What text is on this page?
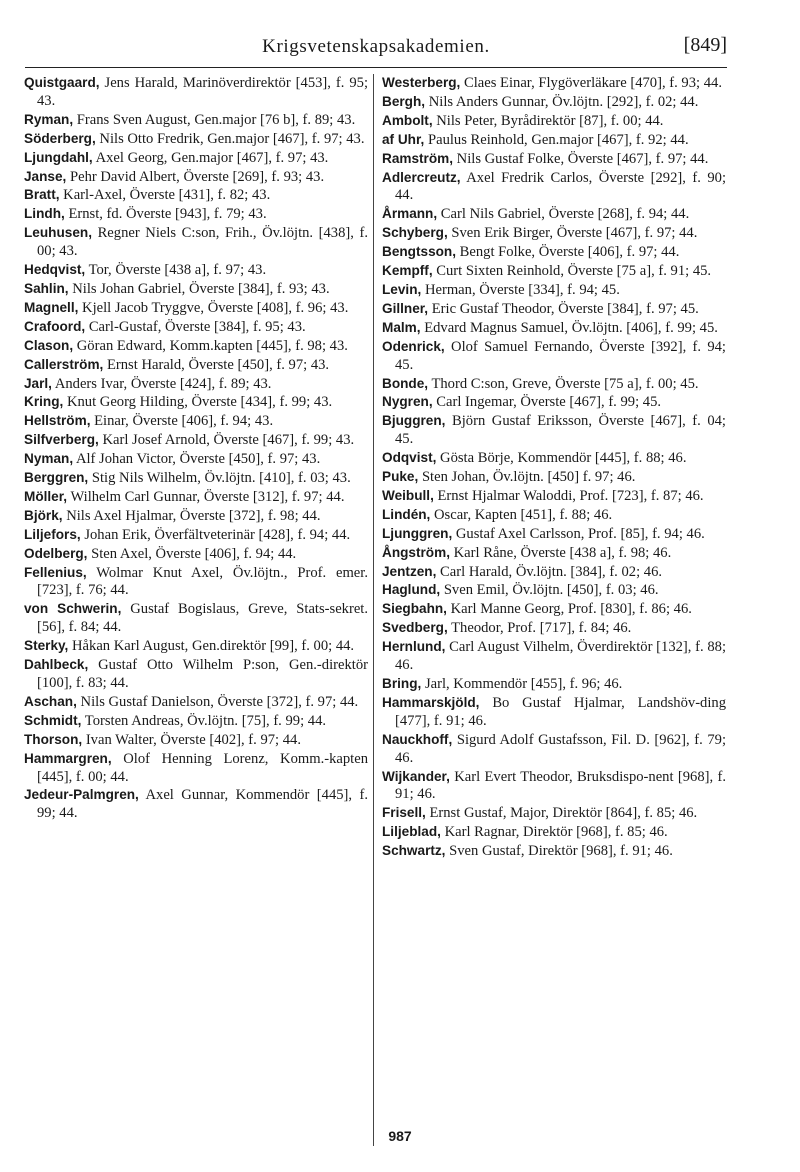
Krigsvetenskapsakademien.	[849]

Quistgaard, Jens Harald, Marinöverdirektör [453], f. 95; 43.

Ryman, Frans Sven August, Gen.major [76 b], f. 89; 43.

Söderberg, Nils Otto Fredrik, Gen.major [467], f. 97; 43.

Ljungdahl, Axel Georg, Gen.major [467], f. 97; 43.

Janse, Pehr David Albert, Överste [269], f. 93; 43.

Bratt, Karl-Axel, Överste [431], f. 82; 43.

Lindh, Ernst, fd. Överste [943], f. 79; 43.

Leuhusen, Regner Niels C:son, Frih., Öv.löjtn. [438], f. 00; 43.

Hedqvist, Tor, Överste [438 a], f. 97; 43.

Sahlin, Nils Johan Gabriel, Överste [384], f. 93; 43.

Magnell, Kjell Jacob Tryggve, Överste [408], f. 96; 43.

Crafoord, Carl-Gustaf, Överste [384], f. 95; 43.

Clason, Göran Edward, Komm.kapten [445], f. 98; 43.

Callerström, Ernst Harald, Överste [450], f. 97; 43.

Jarl, Anders Ivar, Överste [424], f. 89; 43.

Kring, Knut Georg Hilding, Överste [434], f. 99; 43.

Hellström, Einar, Överste [406], f. 94; 43.

Silfverberg, Karl Josef Arnold, Överste [467], f. 99; 43.

Nyman, Alf Johan Victor, Överste [450], f. 97; 43.

Berggren, Stig Nils Wilhelm, Öv.löjtn. [410], f. 03; 43.

Möller, Wilhelm Carl Gunnar, Överste [312], f. 97; 44.

Björk, Nils Axel Hjalmar, Överste [372], f. 98; 44.

Liljefors, Johan Erik, Överfältveterinär [428], f. 94; 44.

Odelberg, Sten Axel, Överste [406], f. 94; 44.

Fellenius, Wolmar Knut Axel, Öv.löjtn., Prof. emer. [723], f. 76; 44.

von Schwerin, Gustaf Bogislaus, Greve, Stats-sekret. [56], f. 84; 44.

Sterky, Håkan Karl August, Gen.direktör [99], f. 00; 44.

Dahlbeck, Gustaf Otto Wilhelm P:son, Gen.-direktör [100], f. 83; 44.

Aschan, Nils Gustaf Danielson, Överste [372], f. 97; 44.

Schmidt, Torsten Andreas, Öv.löjtn. [75], f. 99; 44.

Thorson, Ivan Walter, Överste [402], f. 97; 44.

Hammargren, Olof Henning Lorenz, Komm.-kapten [445], f. 00; 44.

Jedeur-Palmgren, Axel Gunnar, Kommendör [445], f. 99; 44.

Westerberg, Claes Einar, Flygöverläkare [470], f. 93; 44.

Bergh, Nils Anders Gunnar, Öv.löjtn. [292], f. 02; 44.

Ambolt, Nils Peter, Byrådirektör [87], f. 00; 44.

af Uhr, Paulus Reinhold, Gen.major [467], f. 92; 44.

Ramström, Nils Gustaf Folke, Överste [467], f. 97; 44.

Adlercreutz, Axel Fredrik Carlos, Överste [292], f. 90; 44.

Årmann, Carl Nils Gabriel, Överste [268], f. 94; 44.

Schyberg, Sven Erik Birger, Överste [467], f. 97; 44.

Bengtsson, Bengt Folke, Överste [406], f. 97; 44.

Kempff, Curt Sixten Reinhold, Överste [75 a], f. 91; 45.

Levin, Herman, Överste [334], f. 94; 45.

Gillner, Eric Gustaf Theodor, Överste [384], f. 97; 45.

Malm, Edvard Magnus Samuel, Öv.löjtn. [406], f. 99; 45.

Odenrick, Olof Samuel Fernando, Överste [392], f. 94; 45.

Bonde, Thord C:son, Greve, Överste [75 a], f. 00; 45.

Nygren, Carl Ingemar, Överste [467], f. 99; 45.

Bjuggren, Björn Gustaf Eriksson, Överste [467], f. 04; 45.

Odqvist, Gösta Börje, Kommendör [445], f. 88; 46.

Puke, Sten Johan, Öv.löjtn. [450] f. 97; 46.

Weibull, Ernst Hjalmar Waloddi, Prof. [723], f. 87; 46.

Lindén, Oscar, Kapten [451], f. 88; 46.

Ljunggren, Gustaf Axel Carlsson, Prof. [85], f. 94; 46.

Ångström, Karl Råne, Överste [438 a], f. 98; 46.

Jentzen, Carl Harald, Öv.löjtn. [384], f. 02; 46.

Haglund, Sven Emil, Öv.löjtn. [450], f. 03; 46.

Siegbahn, Karl Manne Georg, Prof. [830], f. 86; 46.

Svedberg, Theodor, Prof. [717], f. 84; 46.

Hernlund, Carl August Vilhelm, Överdirektör [132], f. 88; 46.

Bring, Jarl, Kommendör [455], f. 96; 46.

Hammarskjöld, Bo Gustaf Hjalmar, Landshöv-ding [477], f. 91; 46.

Nauckhoff, Sigurd Adolf Gustafsson, Fil. D. [962], f. 79; 46.

Wijkander, Karl Evert Theodor, Bruksdispo-nent [968], f. 91; 46.

Frisell, Ernst Gustaf, Major, Direktör [864], f. 85; 46.

Liljeblad, Karl Ragnar, Direktör [968], f. 85; 46.

Schwartz, Sven Gustaf, Direktör [968], f. 91; 46.

987
